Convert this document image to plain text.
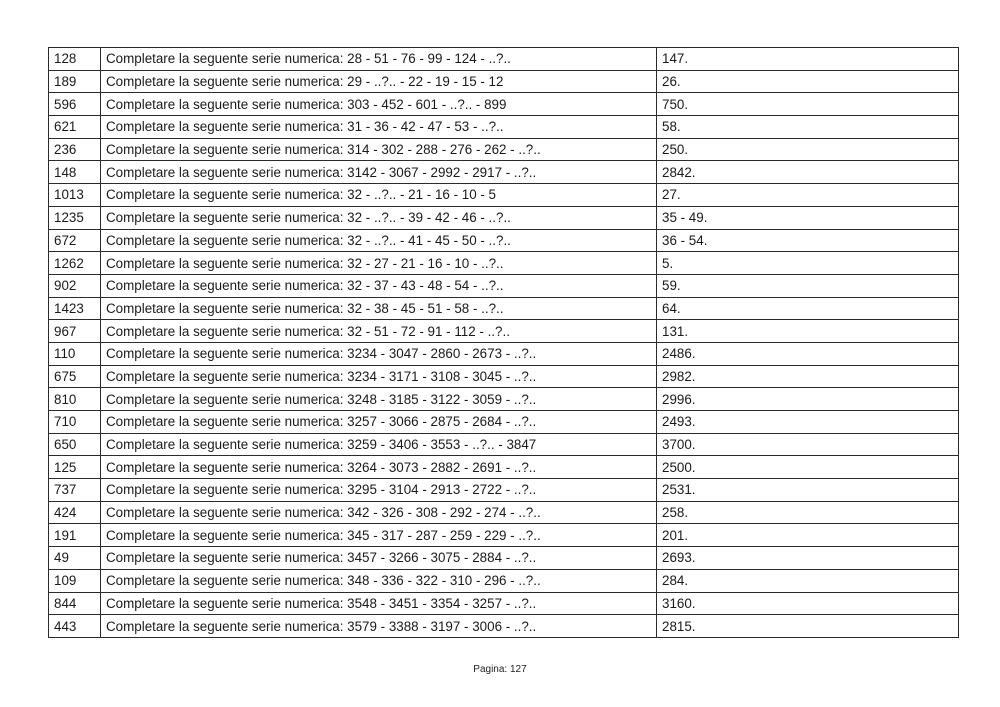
128	Completare la seguente serie numerica: 28 - 51 - 76 - 99 - 124 - ..?..	147.
189	Completare la seguente serie numerica: 29 - ..?.. - 22 - 19 - 15 - 12	26.
596	Completare la seguente serie numerica: 303 - 452 - 601 - ..?.. - 899	750.
621	Completare la seguente serie numerica: 31 - 36 - 42 - 47 - 53 - ..?..	58.
236	Completare la seguente serie numerica: 314 - 302 - 288 - 276 - 262 - ..?..	250.
148	Completare la seguente serie numerica: 3142 - 3067 - 2992 - 2917 - ..?..	2842.
1013	Completare la seguente serie numerica: 32 - ..?.. - 21 - 16 - 10 - 5	27.
1235	Completare la seguente serie numerica: 32 - ..?.. - 39 - 42 - 46 - ..?..	35 - 49.
672	Completare la seguente serie numerica: 32 - ..?.. - 41 - 45 - 50 - ..?..	36 - 54.
1262	Completare la seguente serie numerica: 32 - 27 - 21 - 16 - 10 - ..?..	5.
902	Completare la seguente serie numerica: 32 - 37 - 43 - 48 - 54 - ..?..	59.
1423	Completare la seguente serie numerica: 32 - 38 - 45 - 51 - 58 - ..?..	64.
967	Completare la seguente serie numerica: 32 - 51 - 72 - 91 - 112 - ..?..	131.
110	Completare la seguente serie numerica: 3234 - 3047 - 2860 - 2673 - ..?..	2486.
675	Completare la seguente serie numerica: 3234 - 3171 - 3108 - 3045 - ..?..	2982.
810	Completare la seguente serie numerica: 3248 - 3185 - 3122 - 3059 - ..?..	2996.
710	Completare la seguente serie numerica: 3257 - 3066 - 2875 - 2684 - ..?..	2493.
650	Completare la seguente serie numerica: 3259 - 3406 - 3553 - ..?.. - 3847	3700.
125	Completare la seguente serie numerica: 3264 - 3073 - 2882 - 2691 - ..?..	2500.
737	Completare la seguente serie numerica: 3295 - 3104 - 2913 - 2722 - ..?..	2531.
424	Completare la seguente serie numerica: 342 - 326 - 308 - 292 - 274 - ..?..	258.
191	Completare la seguente serie numerica: 345 - 317 - 287 - 259 - 229 - ..?..	201.
49	Completare la seguente serie numerica: 3457 - 3266 - 3075 - 2884 - ..?..	2693.
109	Completare la seguente serie numerica: 348 - 336 - 322 - 310 - 296 - ..?..	284.
844	Completare la seguente serie numerica: 3548 - 3451 - 3354 - 3257 - ..?..	3160.
443	Completare la seguente serie numerica: 3579 - 3388 - 3197 - 3006 - ..?..	2815.
Pagina: 127
